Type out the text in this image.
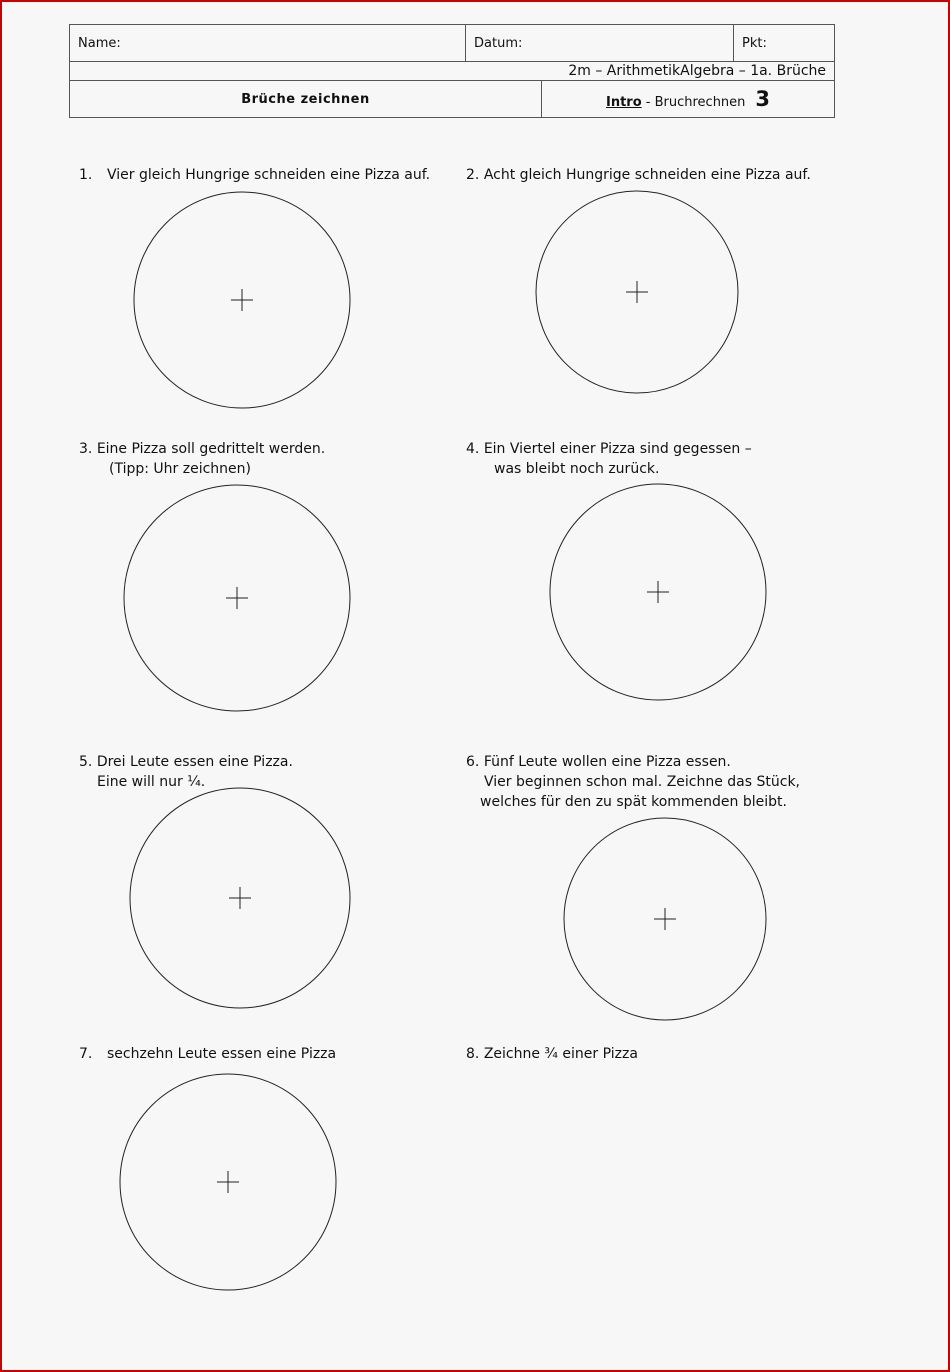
Name:	Datum:		Pkt:
2m – ArithmetikAlgebra – 1a. Brüche			
Brüche zeichnen		Intro - Bruchrechnen 3	
1. Vier gleich Hungrige schneiden eine Pizza auf.	2. Acht gleich Hungrige schneiden eine Pizza auf.
3. Eine Pizza soll gedrittelt werden.
(Tipp: Uhr zeichnen)
4. Ein Viertel einer Pizza sind gegessen –
was bleibt noch zurück.
5. Drei Leute essen eine Pizza.
Eine will nur ¼.
6. Fünf Leute wollen eine Pizza essen.
Vier beginnen schon mal. Zeichne das Stück,
welches für den zu spät kommenden bleibt.
7. sechzehn Leute essen eine Pizza	8. Zeichne ¾ einer Pizza
